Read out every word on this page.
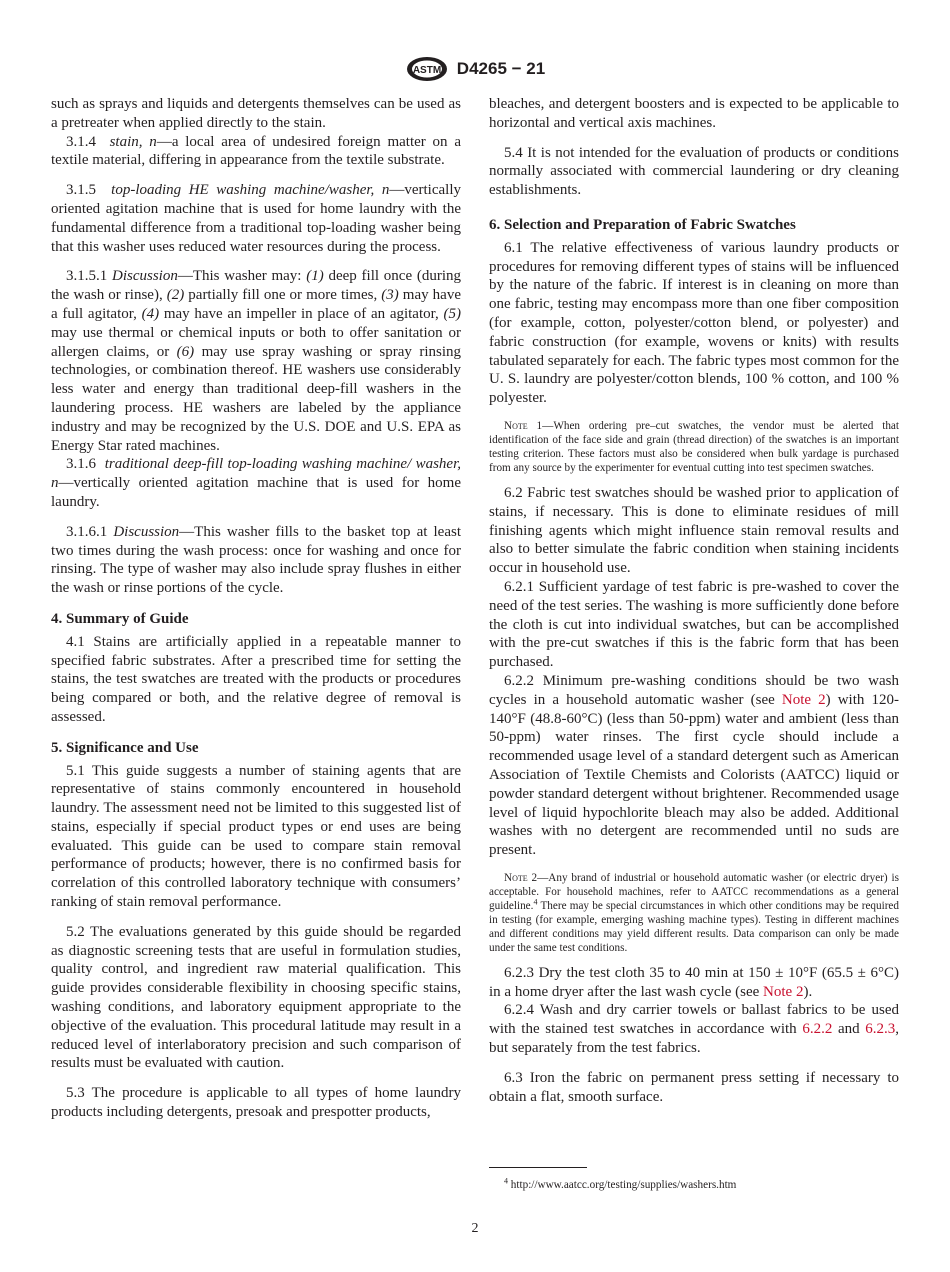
ASTM D4265 − 21

such as sprays and liquids and detergents themselves can be used as a pretreater when applied directly to the stain.

3.1.4 stain, n—a local area of undesired foreign matter on a textile material, differing in appearance from the textile substrate.

3.1.5 top-loading HE washing machine/washer, n—vertically oriented agitation machine that is used for home laundry with the fundamental difference from a traditional top-loading washer being that this washer uses reduced water resources during the process.

3.1.5.1 Discussion—This washer may: (1) deep fill once (during the wash or rinse), (2) partially fill one or more times, (3) may have a full agitator, (4) may have an impeller in place of an agitator, (5) may use thermal or chemical inputs or both to offer sanitation or allergen claims, or (6) may use spray washing or spray rinsing technologies, or combination thereof. HE washers use considerably less water and energy than traditional deep-fill washers in the laundering process. HE washers are labeled by the appliance industry and may be recognized by the U.S. DOE and U.S. EPA as Energy Star rated machines.

3.1.6 traditional deep-fill top-loading washing machine/ washer, n—vertically oriented agitation machine that is used for home laundry.

3.1.6.1 Discussion—This washer fills to the basket top at least two times during the wash process: once for washing and once for rinsing. The type of washer may also include spray flushes in either the wash or rinse portions of the cycle.

4. Summary of Guide

4.1 Stains are artificially applied in a repeatable manner to specified fabric substrates. After a prescribed time for setting the stains, the test swatches are treated with the products or procedures being compared or both, and the relative degree of removal is assessed.

5. Significance and Use

5.1 This guide suggests a number of staining agents that are representative of stains commonly encountered in household laundry. The assessment need not be limited to this suggested list of stains, especially if special product types or end uses are being evaluated. This guide can be used to compare stain removal performance of products; however, there is no confirmed basis for correlation of this controlled laboratory technique with consumers’ ranking of stain removal performance.

5.2 The evaluations generated by this guide should be regarded as diagnostic screening tests that are useful in formulation studies, quality control, and ingredient raw material qualification. This guide provides considerable flexibility in choosing specific stains, washing conditions, and laboratory equipment appropriate to the objective of the evaluation. This procedural latitude may result in a reduced level of interlaboratory precision and such comparison of results must be evaluated with caution.

5.3 The procedure is applicable to all types of home laundry products including detergents, presoak and prespotter products,

bleaches, and detergent boosters and is expected to be applicable to horizontal and vertical axis machines.

5.4 It is not intended for the evaluation of products or conditions normally associated with commercial laundering or dry cleaning establishments.

6. Selection and Preparation of Fabric Swatches

6.1 The relative effectiveness of various laundry products or procedures for removing different types of stains will be influenced by the nature of the fabric. If interest is in cleaning on more than one fabric, testing may encompass more than one fiber composition (for example, cotton, polyester/cotton blend, or polyester) and fabric construction (for example, wovens or knits) with results tabulated separately for each. The fabric types most common for the U. S. laundry are polyester/cotton blends, 100 % cotton, and 100 % polyester.

Note 1—When ordering pre–cut swatches, the vendor must be alerted that identification of the face side and grain (thread direction) of the swatches is an important testing criterion. These factors must also be considered when bulk yardage is purchased from any source by the experimenter for eventual cutting into test specimen swatches.

6.2 Fabric test swatches should be washed prior to application of stains, if necessary. This is done to eliminate residues of mill finishing agents which might influence stain removal results and also to better simulate the fabric condition when staining incidents occur in household use.

6.2.1 Sufficient yardage of test fabric is pre-washed to cover the need of the test series. The washing is more sufficiently done before the cloth is cut into individual swatches, but can be accomplished with the pre-cut swatches if this is the fabric form that has been purchased.

6.2.2 Minimum pre-washing conditions should be two wash cycles in a household automatic washer (see Note 2) with 120-140°F (48.8-60°C) (less than 50-ppm) water and ambient (less than 50-ppm) water rinses. The first cycle should include a recommended usage level of a standard detergent such as American Association of Textile Chemists and Colorists (AATCC) liquid or powder standard detergent without brightener. Recommended usage level of liquid hypochlorite bleach may also be added. Additional washes with no detergent are recommended until no suds are present.

Note 2—Any brand of industrial or household automatic washer (or electric dryer) is acceptable. For household machines, refer to AATCC recommendations as a general guideline.$^4$ There may be special circumstances in which other conditions may be required in testing (for example, emerging washing machine types). Testing in different machines and different conditions may yield different results. Data comparison can only be made under the same test conditions.

6.2.3 Dry the test cloth 35 to 40 min at 150 ± 10°F (65.5 ± 6°C) in a home dryer after the last wash cycle (see Note 2).

6.2.4 Wash and dry carrier towels or ballast fabrics to be used with the stained test swatches in accordance with 6.2.2 and 6.2.3, but separately from the test fabrics.

6.3 Iron the fabric on permanent press setting if necessary to obtain a flat, smooth surface.

$^4$ http://www.aatcc.org/testing/supplies/washers.htm
2
